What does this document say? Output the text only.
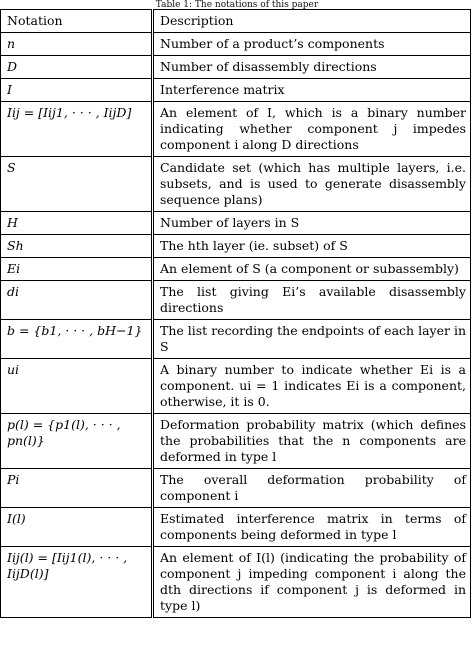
Table 1: The notations of this paper
Notation	Description
n	Number of a product’s components
D	Number of disassembly directions
I	Interference matrix
Iij = [Iij1, · · · , IijD]	An element of I, which is a binary number indicating whether component j impedes component i along D directions
S	Candidate set (which has multiple layers, i.e. subsets, and is used to generate disassembly sequence plans)
H	Number of layers in S
Sh	The hth layer (ie. subset) of S
Ei	An element of S (a component or subassembly)
di	The list giving Ei’s available disassembly directions
b = {b1, · · · , bH−1}	The list recording the endpoints of each layer in S
ui	A binary number to indicate whether Ei is a component. ui = 1 indicates Ei is a component, otherwise, it is 0.
p(l) = {p1(l), · · · , pn(l)}	Deformation probability matrix (which defines the probabilities that the n components are deformed in type l
Pi	The overall deformation probability of component i
I(l)	Estimated interference matrix in terms of components being deformed in type l
Iij(l) = [Iij1(l), · · · , IijD(l)]	An element of I(l) (indicating the probability of component j impeding component i along the dth directions if component j is deformed in type l)
